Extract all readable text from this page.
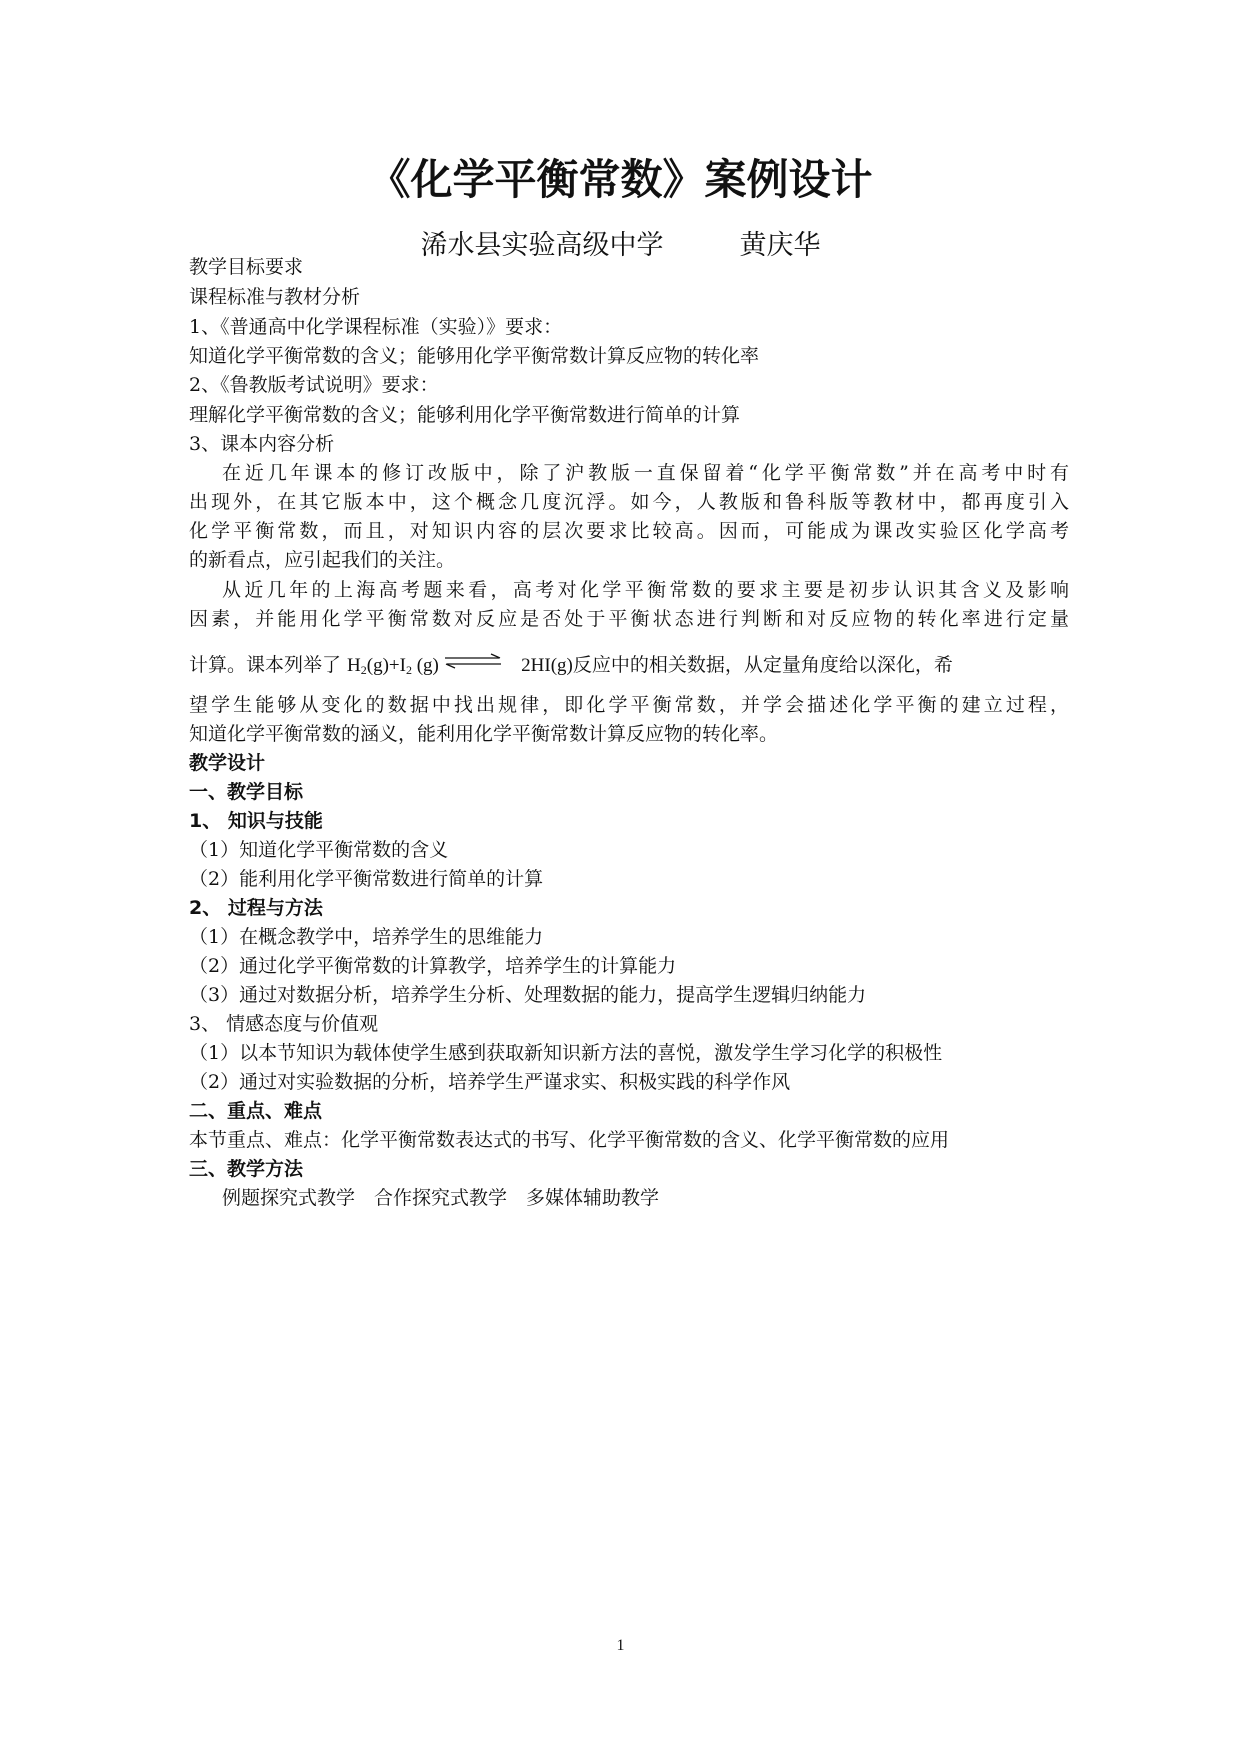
《化学平衡常数》案例设计
浠水县实验高级中学	黄庆华
教学目标要求
课程标准与教材分析
1、《普通高中化学课程标准（实验）》要求：
知道化学平衡常数的含义；能够用化学平衡常数计算反应物的转化率
2、《鲁教版考试说明》要求：
理解化学平衡常数的含义；能够利用化学平衡常数进行简单的计算
3、课本内容分析
在近几年课本的修订改版中，除了沪教版一直保留着“化学平衡常数”并在高考中时有
出现外，在其它版本中，这个概念几度沉浮。如今，人教版和鲁科版等教材中，都再度引入
化学平衡常数，而且，对知识内容的层次要求比较高。因而，可能成为课改实验区化学高考
的新看点，应引起我们的关注。
从近几年的上海高考题来看，高考对化学平衡常数的要求主要是初步认识其含义及影响
因素，并能用化学平衡常数对反应是否处于平衡状态进行判断和对反应物的转化率进行定量
计算。课本列举了 $H_2(g)+I_2$ (g) ⇌ 2HI(g)反应中的相关数据，从定量角度给以深化，希
望学生能够从变化的数据中找出规律，即化学平衡常数，并学会描述化学平衡的建立过程，
知道化学平衡常数的涵义，能利用化学平衡常数计算反应物的转化率。
教学设计
一、教学目标
1、 知识与技能
（1）知道化学平衡常数的含义
（2）能利用化学平衡常数进行简单的计算
2、 过程与方法
（1）在概念教学中，培养学生的思维能力
（2）通过化学平衡常数的计算教学，培养学生的计算能力
（3）通过对数据分析，培养学生分析、处理数据的能力，提高学生逻辑归纳能力
3、 情感态度与价值观
（1）以本节知识为载体使学生感到获取新知识新方法的喜悦，激发学生学习化学的积极性
（2）通过对实验数据的分析，培养学生严谨求实、积极实践的科学作风
二、重点、难点
本节重点、难点：化学平衡常数表达式的书写、化学平衡常数的含义、化学平衡常数的应用
三、教学方法
例题探究式教学　合作探究式教学　多媒体辅助教学
1
